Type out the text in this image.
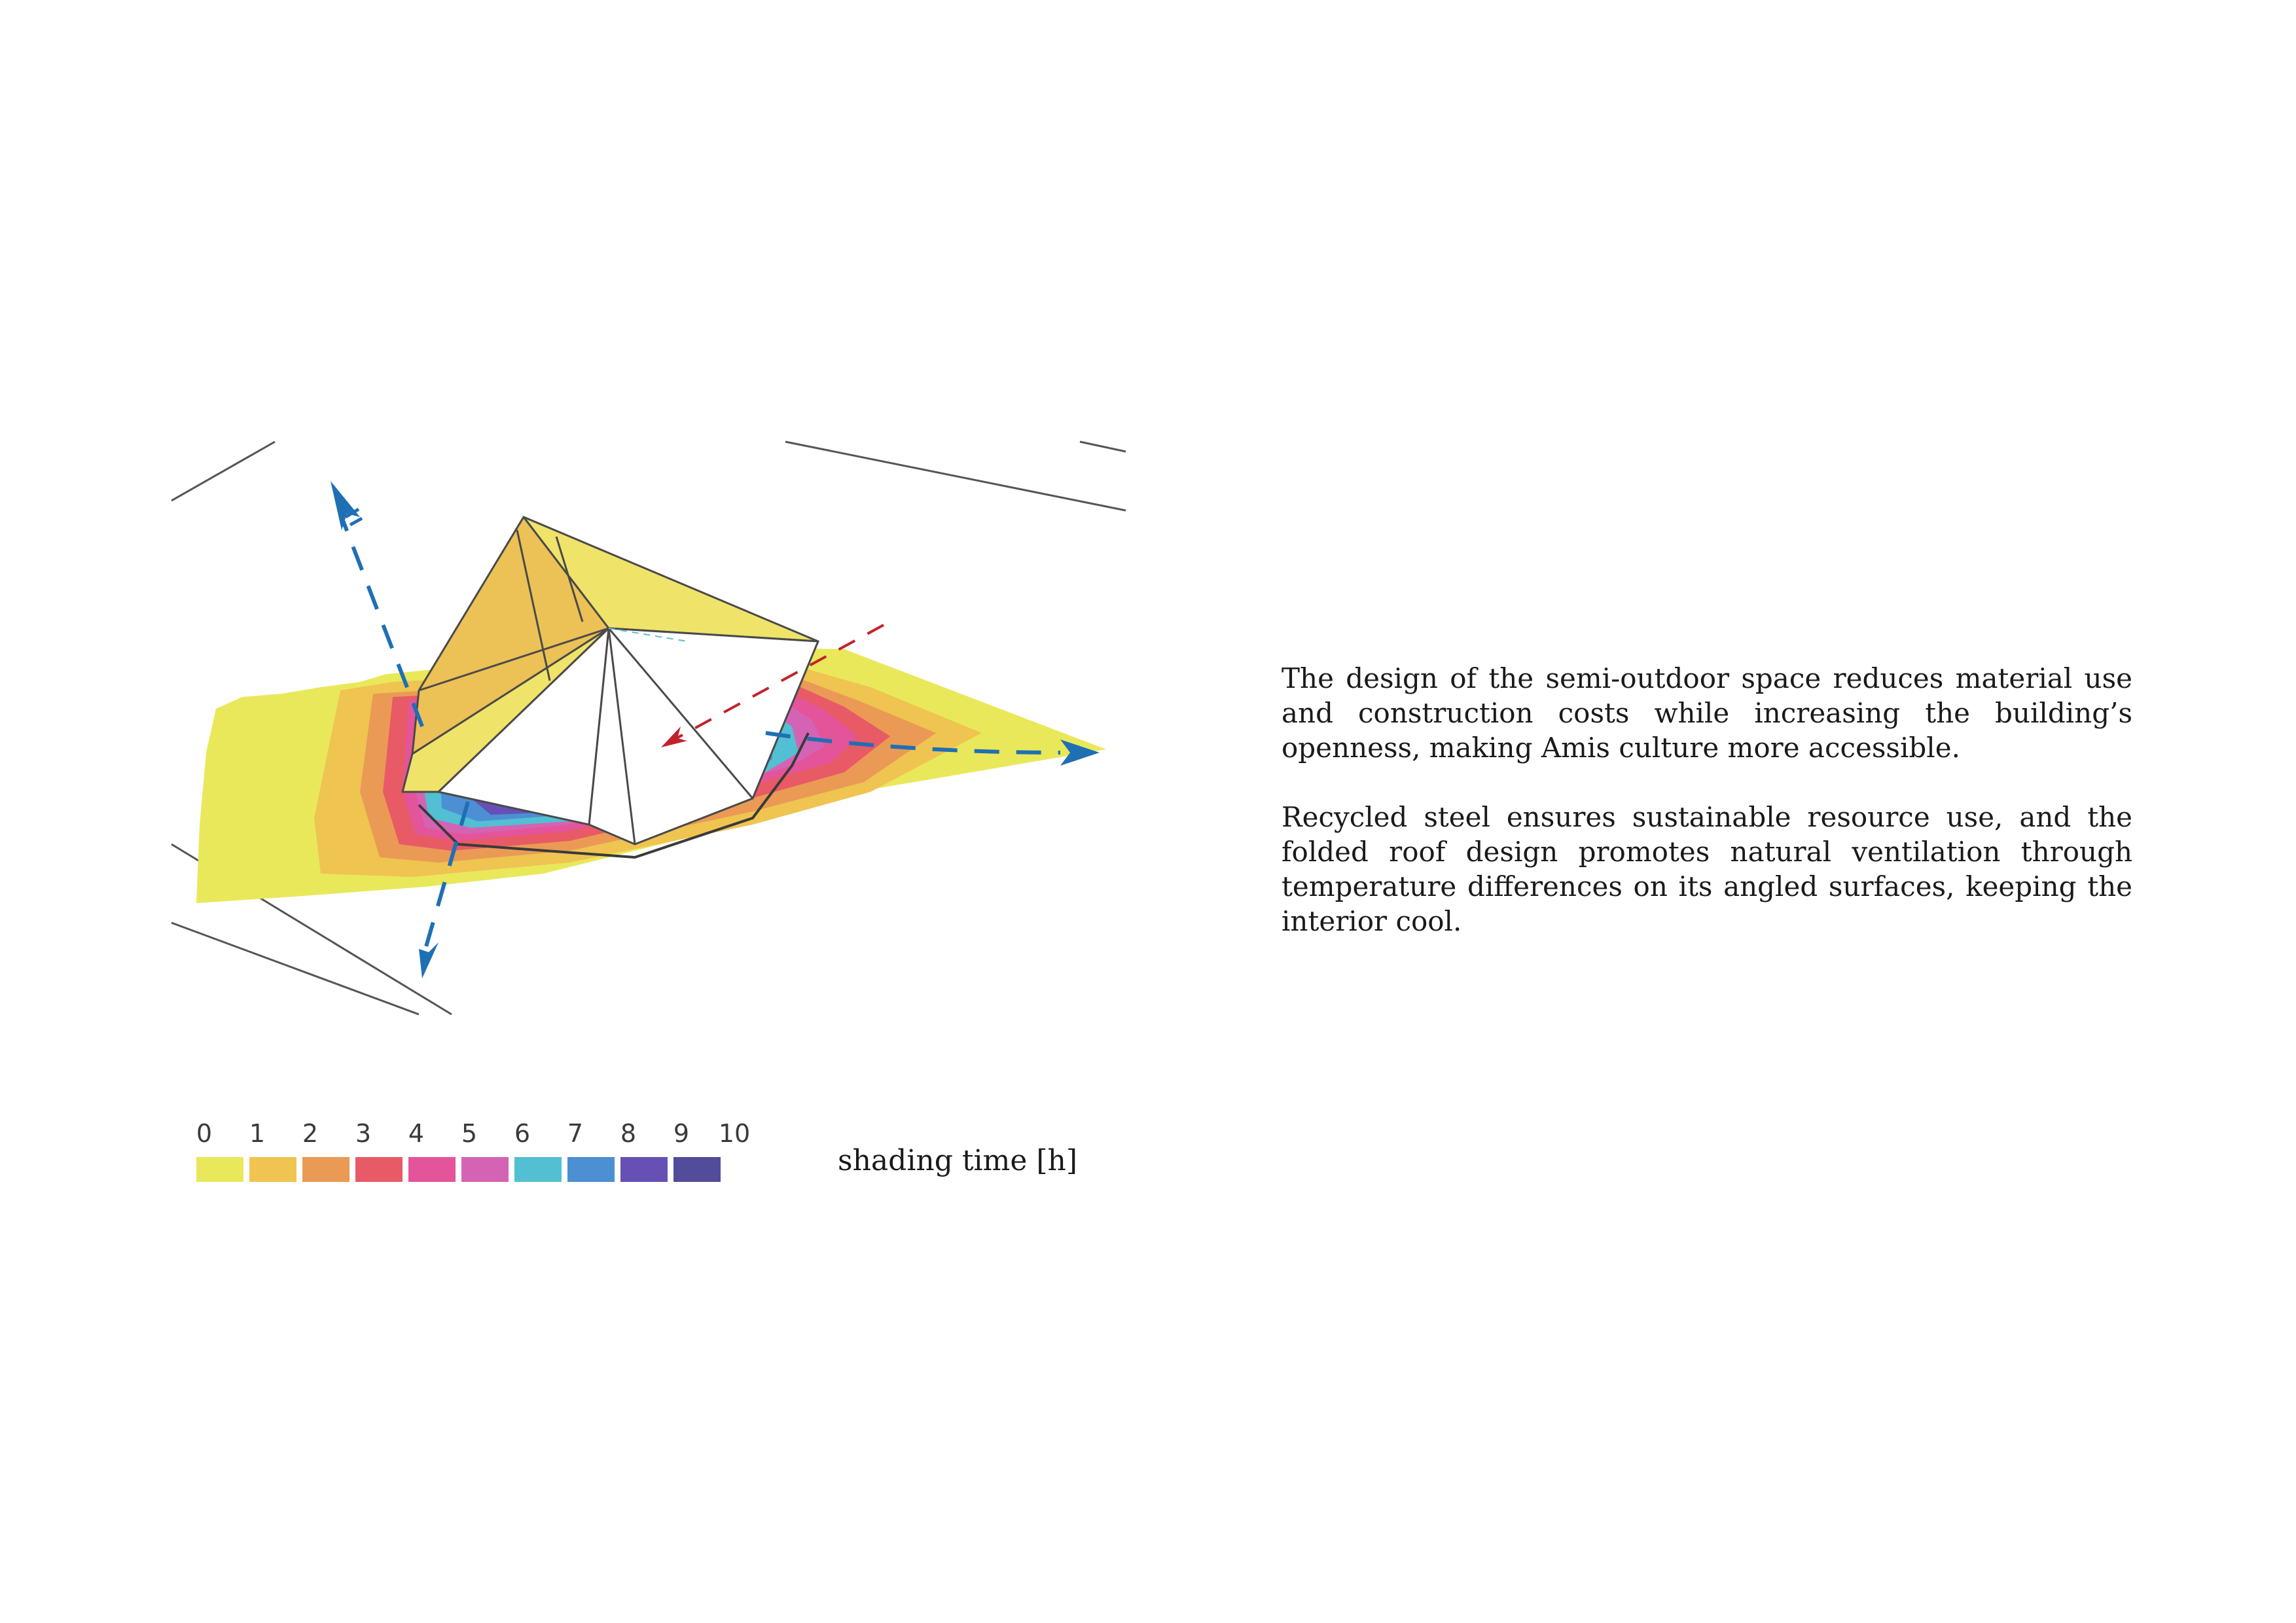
0	1	2	3	4	5	6	7	8	9	10
shading time [h]

The design of the semi-outdoor space reduces material use and construction costs while increasing the building’s openness, making Amis culture more accessible.

Recycled steel ensures sustainable resource use, and the folded roof design promotes natural ventilation through temperature differences on its angled surfaces, keeping the interior cool.
